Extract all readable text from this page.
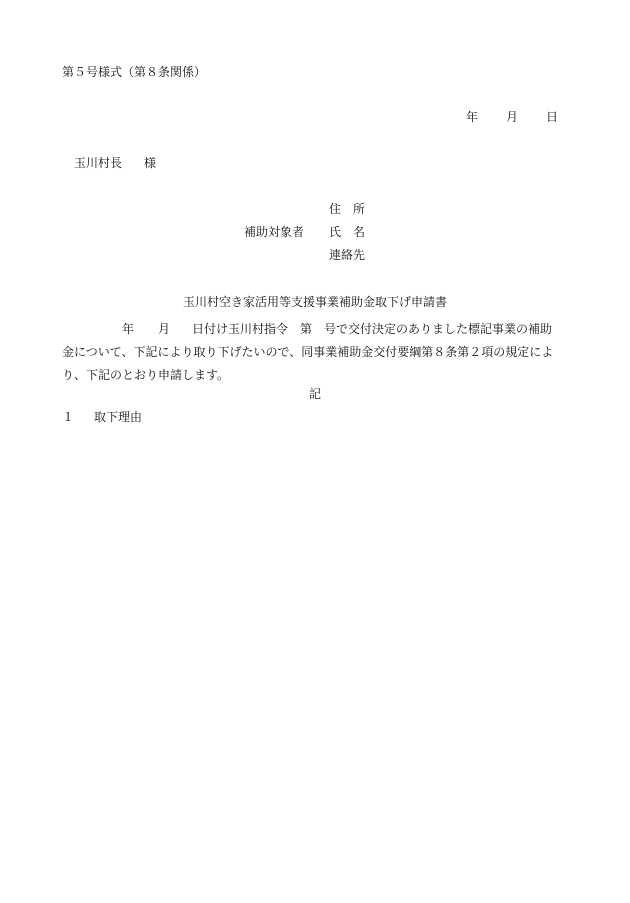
第５号様式（第８条関係）
年 月 日
玉川村長 様
住　所
補助対象者 氏　名
連絡先
玉川村空き家活用等支援事業補助金取下げ申請書

年 月 日付け玉川村指令　第 号で交付決定のありました標記事業の補助

金について、下記により取り下げたいので、同事業補助金交付要綱第８条第２項の規定によ

り、下記のとおり申請します。

記
１ 取下理由
